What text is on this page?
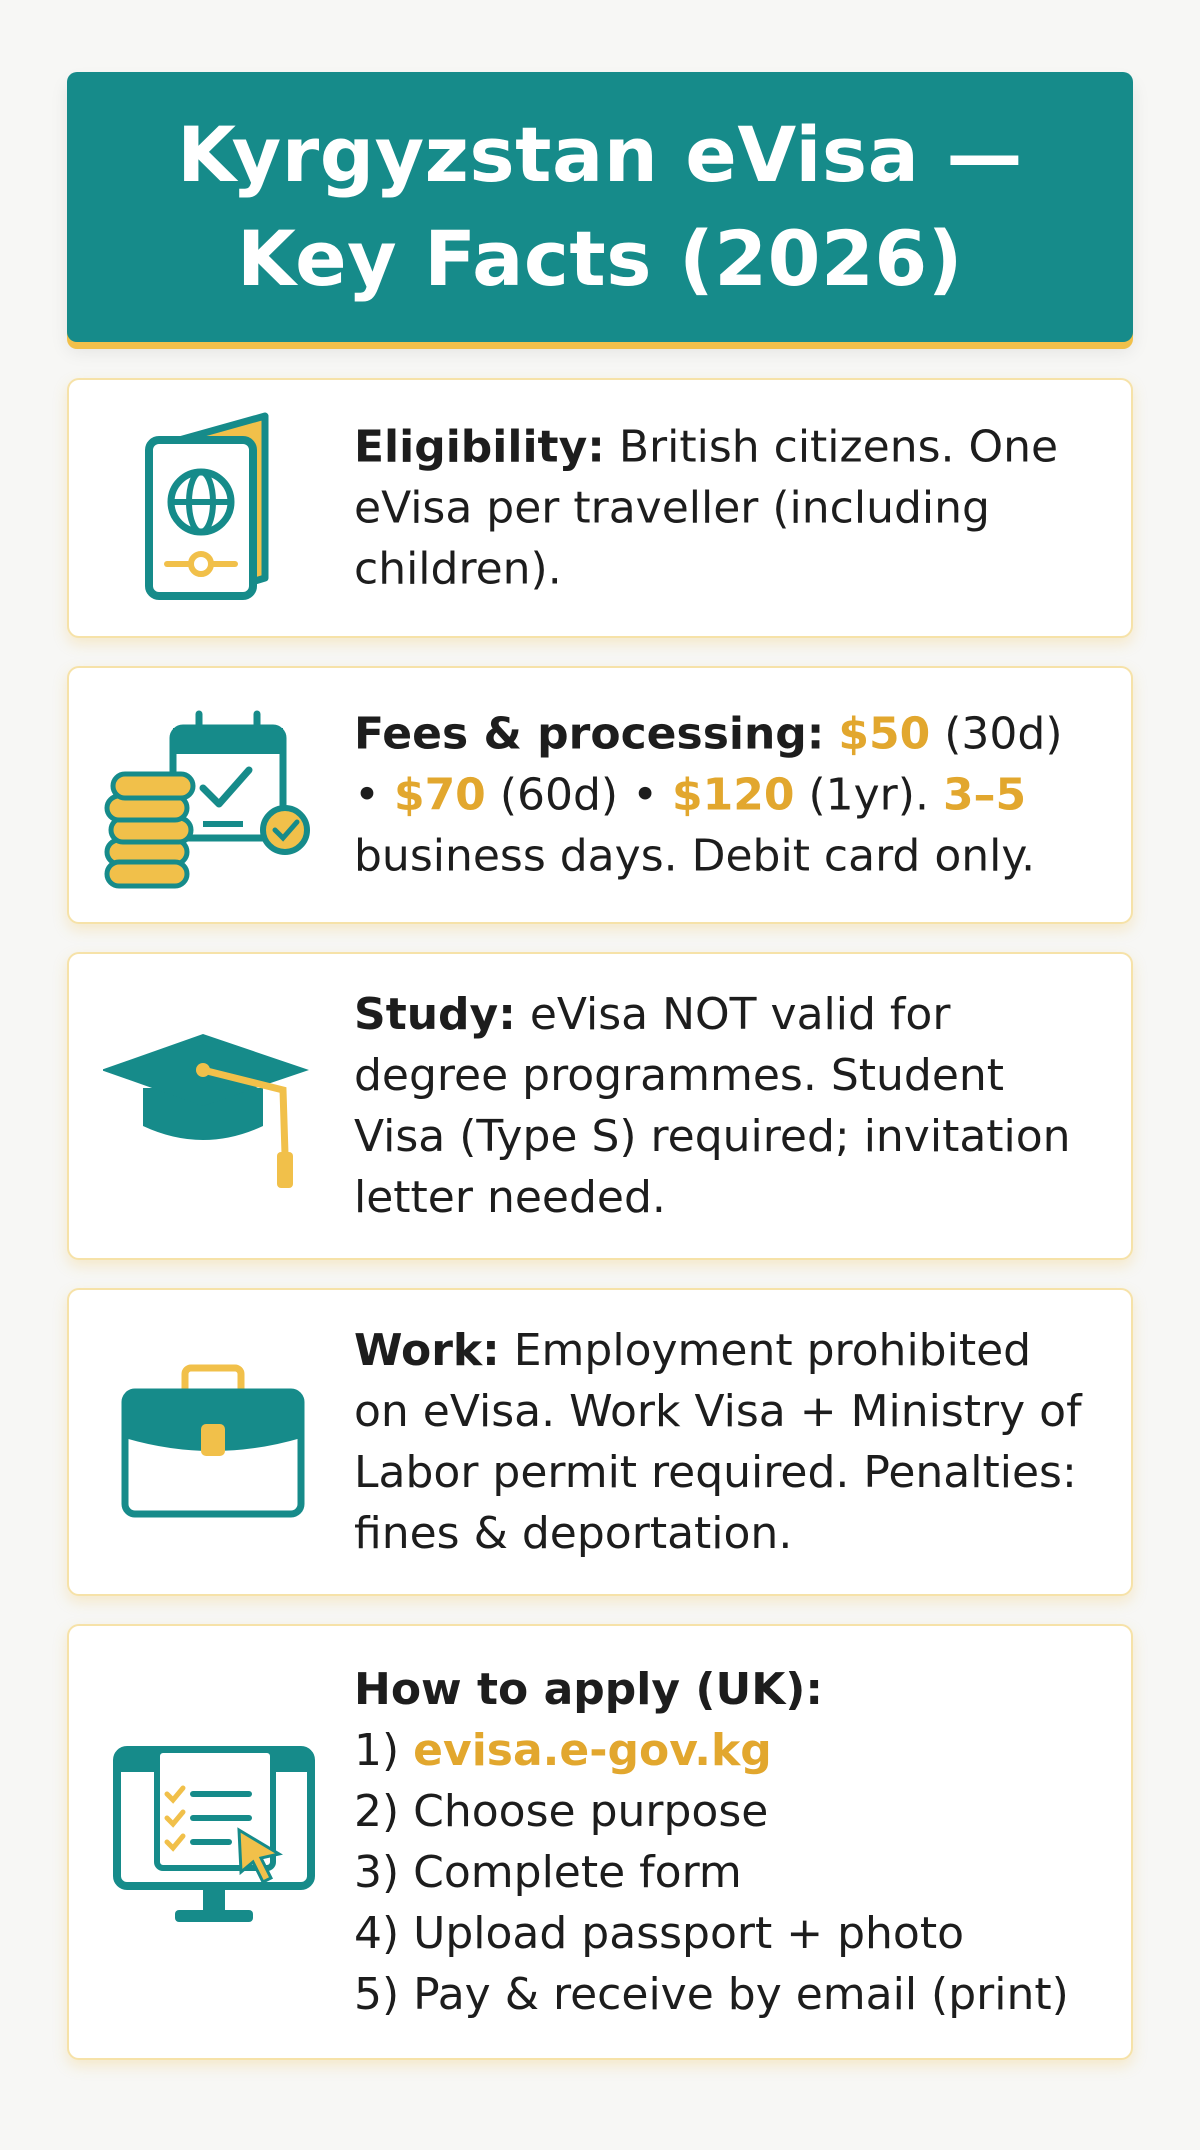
Kyrgyzstan eVisa — Key Facts (2026)
Eligibility: British citizens. One eVisa per traveller (including children).
Fees & processing: $50 (30d) • $70 (60d) • $120 (1yr). 3–5 business days. Debit card only.
Study: eVisa NOT valid for degree programmes. Student Visa (Type S) required; invitation letter needed.
Work: Employment prohibited on eVisa. Work Visa + Ministry of Labor permit required. Penalties: fines & deportation.
How to apply (UK):
1) evisa.e-gov.kg
2) Choose purpose
3) Complete form
4) Upload passport + photo
5) Pay & receive by email (print)
